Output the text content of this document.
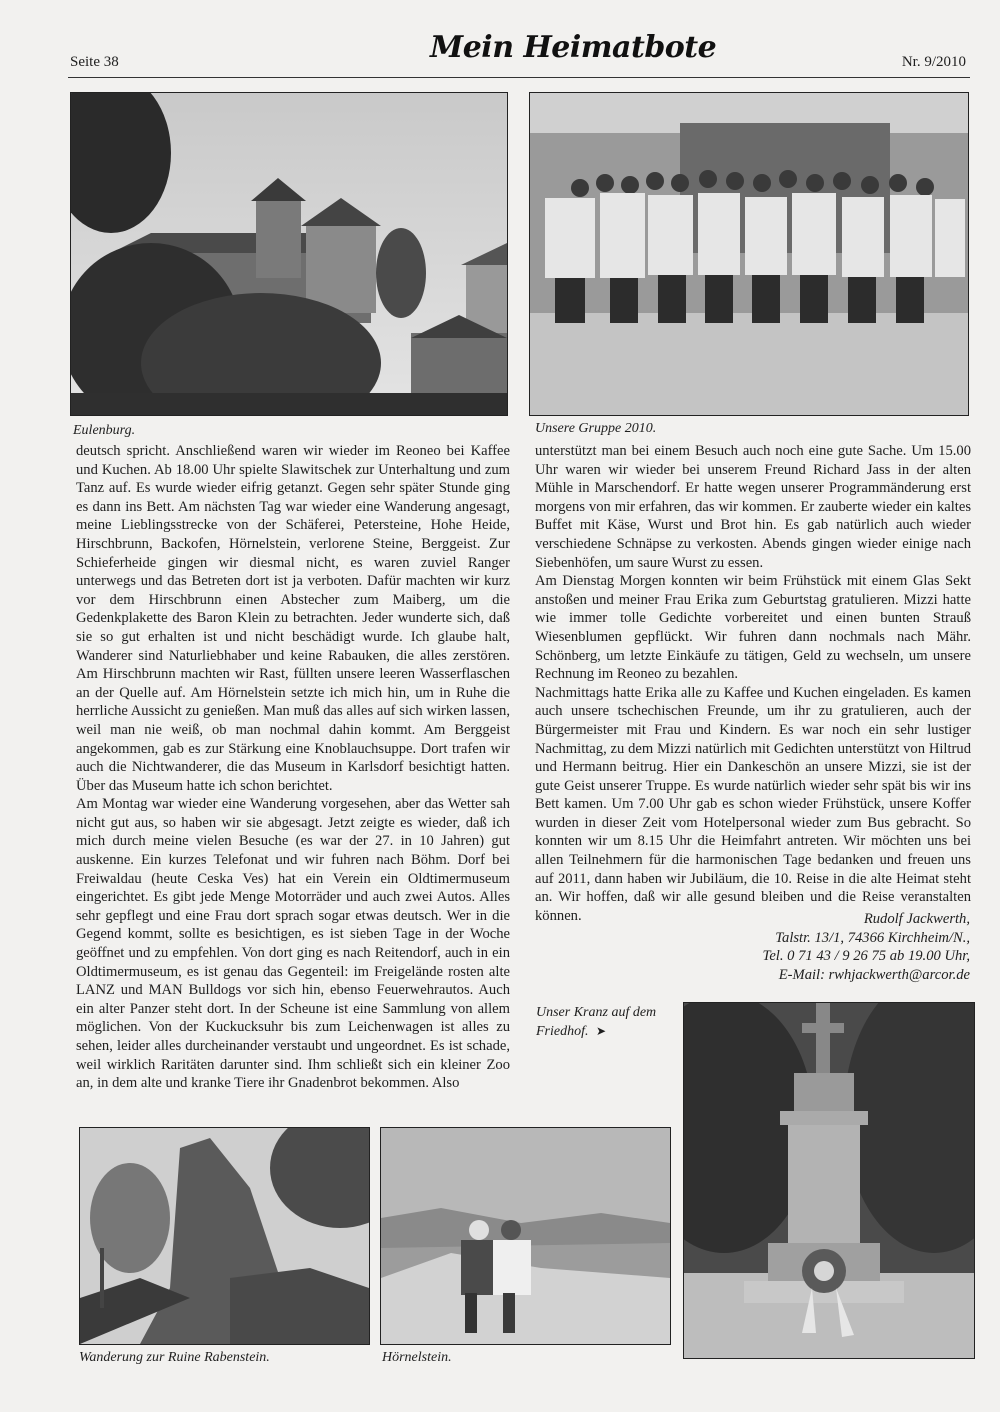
Seite 38	Mein Heimatbote	Nr. 9/2010
Eulenburg.	Unsere Gruppe 2010.

deutsch spricht. Anschließend waren wir wieder im Reoneo bei Kaffee und Kuchen. Ab 18.00 Uhr spielte Slawitschek zur Unterhaltung und zum Tanz auf. Es wurde wieder eifrig getanzt. Gegen sehr später Stunde ging es dann ins Bett. Am nächsten Tag war wieder eine Wanderung angesagt, meine Lieblingsstrecke von der Schäferei, Petersteine, Hohe Heide, Hirschbrunn, Backofen, Hörnelstein, verlorene Steine, Berggeist. Zur Schieferheide gingen wir diesmal nicht, es waren zuviel Ranger unterwegs und das Betreten dort ist ja verboten. Dafür machten wir kurz vor dem Hirschbrunn einen Abstecher zum Maiberg, um die Gedenkplakette des Baron Klein zu betrachten. Jeder wunderte sich, daß sie so gut erhalten ist und nicht beschädigt wurde. Ich glaube halt, Wanderer sind Naturliebhaber und keine Rabauken, die alles zerstören. Am Hirschbrunn machten wir Rast, füllten unsere leeren Wasserflaschen an der Quelle auf. Am Hörnelstein setzte ich mich hin, um in Ruhe die herrliche Aussicht zu genießen. Man muß das alles auf sich wirken lassen, weil man nie weiß, ob man nochmal dahin kommt. Am Berggeist angekommen, gab es zur Stärkung eine Knoblauchsuppe. Dort trafen wir auch die Nichtwanderer, die das Museum in Karlsdorf besichtigt hatten. Über das Museum hatte ich schon berichtet.

Am Montag war wieder eine Wanderung vorgesehen, aber das Wetter sah nicht gut aus, so haben wir sie abgesagt. Jetzt zeigte es wieder, daß ich mich durch meine vielen Besuche (es war der 27. in 10 Jahren) gut auskenne. Ein kurzes Telefonat und wir fuhren nach Böhm. Dorf bei Freiwaldau (heute Ceska Ves) hat ein Verein ein Oldtimermuseum eingerichtet. Es gibt jede Menge Motorräder und auch zwei Autos. Alles sehr gepflegt und eine Frau dort sprach sogar etwas deutsch. Wer in die Gegend kommt, sollte es besichtigen, es ist sieben Tage in der Woche geöffnet und zu empfehlen. Von dort ging es nach Reitendorf, auch in ein Oldtimermuseum, es ist genau das Gegenteil: im Freigelände rosten alte LANZ und MAN Bulldogs vor sich hin, ebenso Feuerwehrautos. Auch ein alter Panzer steht dort. In der Scheune ist eine Sammlung von allem möglichen. Von der Kuckucksuhr bis zum Leichenwagen ist alles zu sehen, leider alles durcheinander verstaubt und ungeordnet. Es ist schade, weil wirklich Raritäten darunter sind. Ihm schließt sich ein kleiner Zoo an, in dem alte und kranke Tiere ihr Gnadenbrot bekommen. Also

unterstützt man bei einem Besuch auch noch eine gute Sache. Um 15.00 Uhr waren wir wieder bei unserem Freund Richard Jass in der alten Mühle in Marschendorf. Er hatte wegen unserer Programmänderung erst morgens von mir erfahren, das wir kommen. Er zauberte wieder ein kaltes Buffet mit Käse, Wurst und Brot hin. Es gab natürlich auch wieder verschiedene Schnäpse zu verkosten. Abends gingen wieder einige nach Siebenhöfen, um saure Wurst zu essen.

Am Dienstag Morgen konnten wir beim Frühstück mit einem Glas Sekt anstoßen und meiner Frau Erika zum Geburtstag gratulieren. Mizzi hatte wie immer tolle Gedichte vorbereitet und einen bunten Strauß Wiesenblumen gepflückt. Wir fuhren dann nochmals nach Mähr. Schönberg, um letzte Einkäufe zu tätigen, Geld zu wechseln, um unsere Rechnung im Reoneo zu bezahlen.

Nachmittags hatte Erika alle zu Kaffee und Kuchen eingeladen. Es kamen auch unsere tschechischen Freunde, um ihr zu gratulieren, auch der Bürgermeister mit Frau und Kindern. Es war noch ein sehr lustiger Nachmittag, zu dem Mizzi natürlich mit Gedichten unterstützt von Hiltrud und Hermann beitrug. Hier ein Dankeschön an unsere Mizzi, sie ist der gute Geist unserer Truppe. Es wurde natürlich wieder sehr spät bis wir ins Bett kamen. Um 7.00 Uhr gab es schon wieder Frühstück, unsere Koffer wurden in dieser Zeit vom Hotelpersonal wieder zum Bus gebracht. So konnten wir um 8.15 Uhr die Heimfahrt antreten. Wir möchten uns bei allen Teilnehmern für die harmonischen Tage bedanken und freuen uns auf 2011, dann haben wir Jubiläum, die 10. Reise in die alte Heimat steht an. Wir hoffen, daß wir alle gesund bleiben und die Reise veranstalten können.	Rudolf Jackwerth,
Talstr. 13/1, 74366 Kirchheim/N.,
Tel. 0 71 43 / 9 26 75 ab 19.00 Uhr,
E-Mail: rwhjackwerth@arcor.de
Unser Kranz auf dem Friedhof. ➤
Wanderung zur Ruine Rabenstein.	Hörnelstein.
